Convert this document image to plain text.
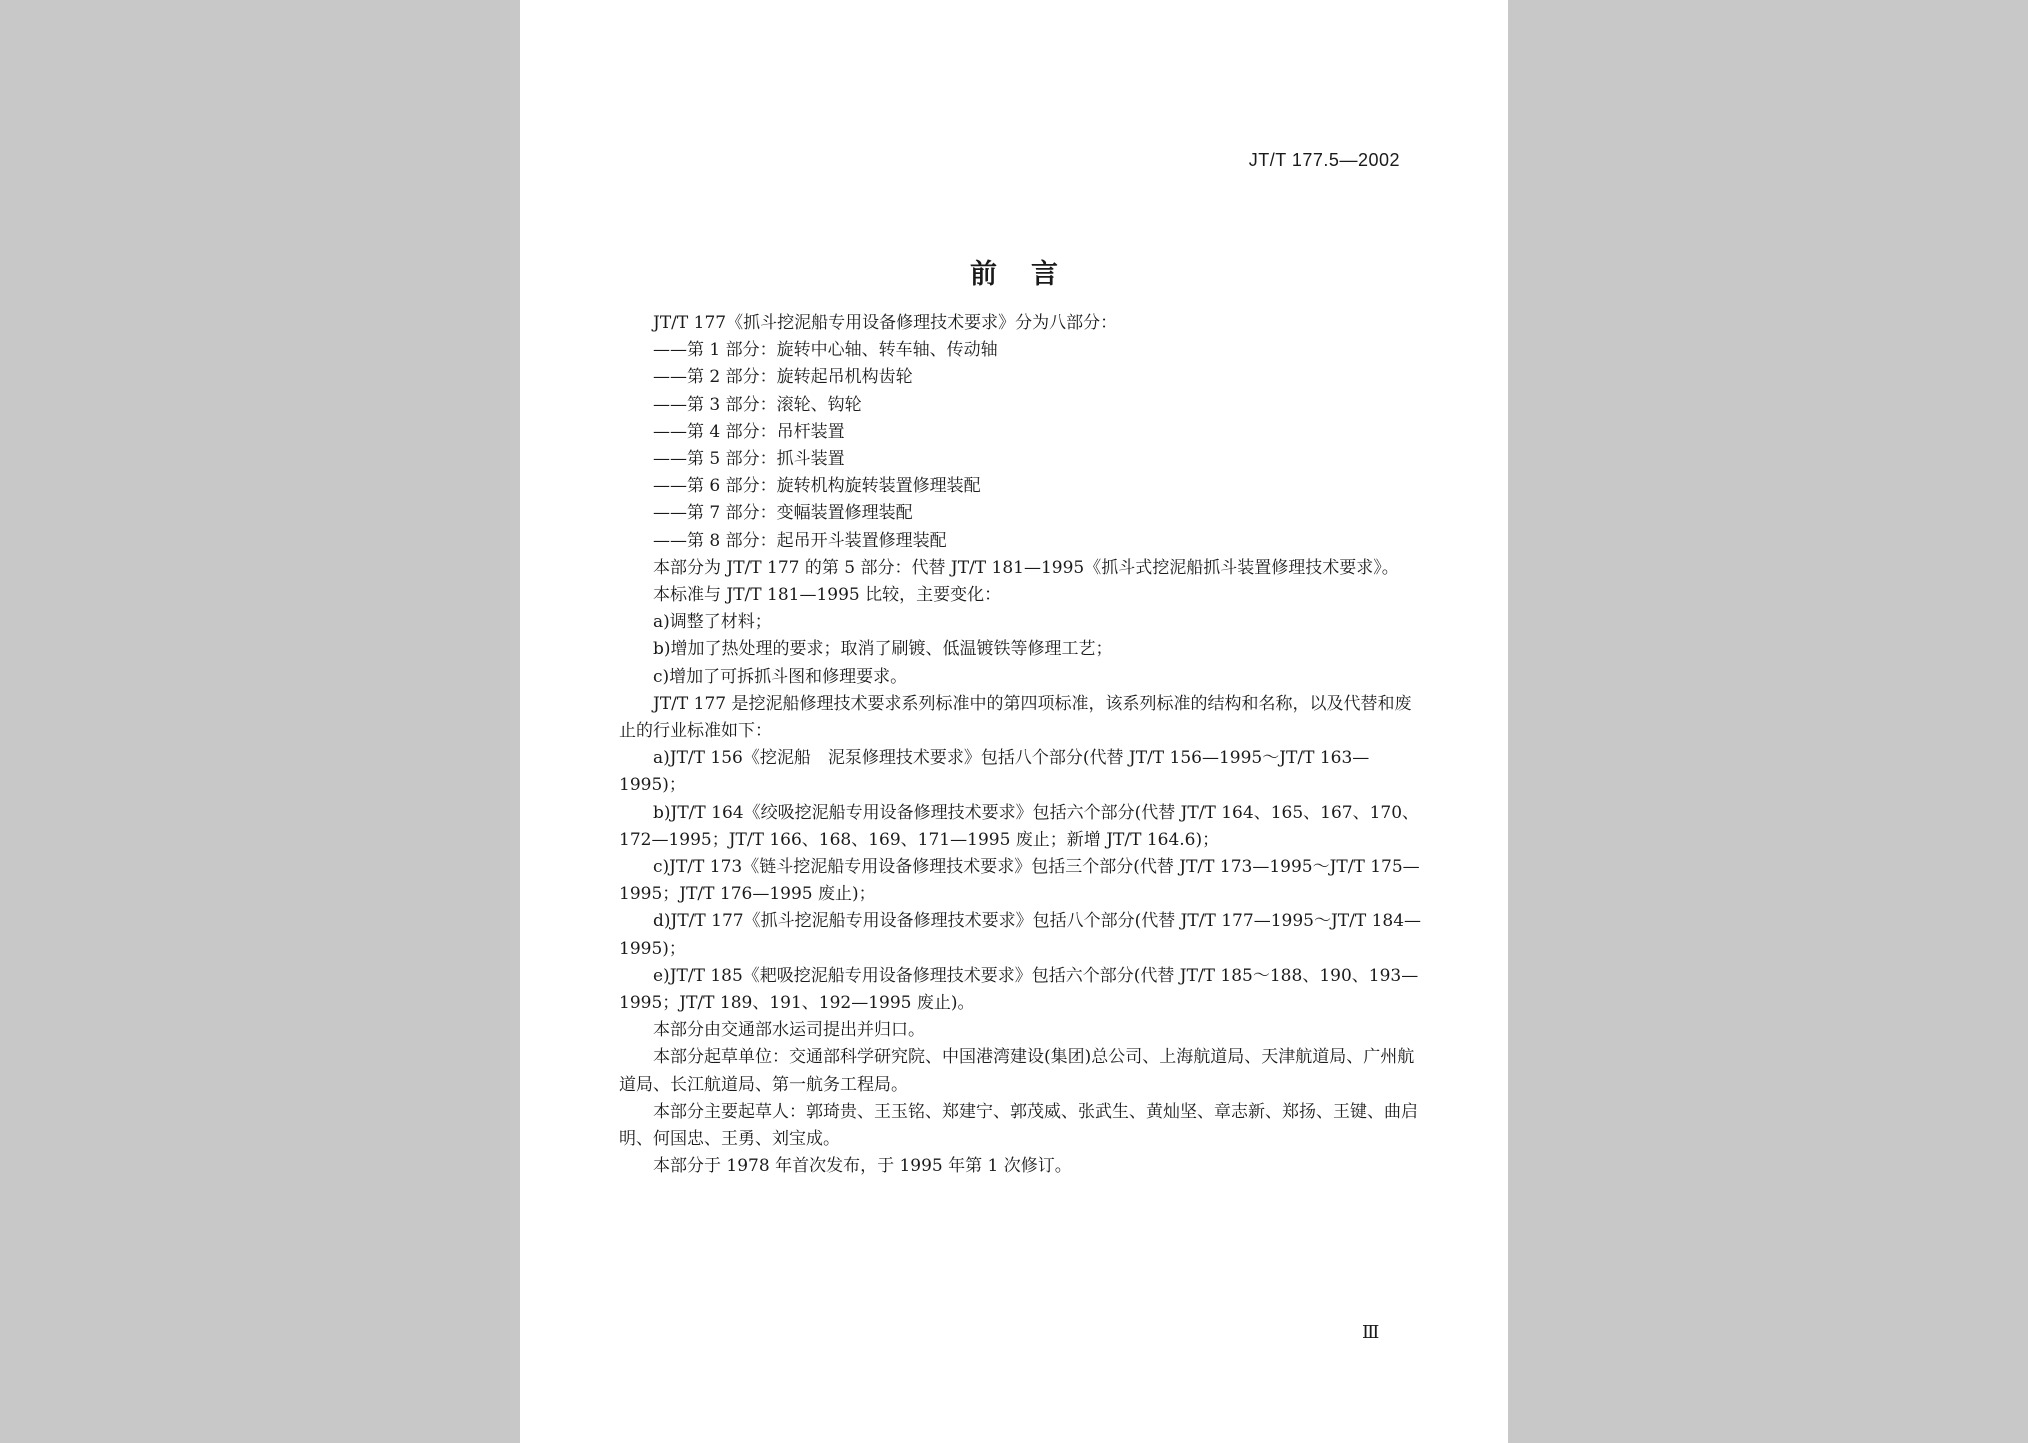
JT/T 177.5—2002
前言

JT/T 177《抓斗挖泥船专用设备修理技术要求》分为八部分：

——第 1 部分：旋转中心轴、转车轴、传动轴

——第 2 部分：旋转起吊机构齿轮

——第 3 部分：滚轮、钩轮

——第 4 部分：吊杆装置

——第 5 部分：抓斗装置

——第 6 部分：旋转机构旋转装置修理装配

——第 7 部分：变幅装置修理装配

——第 8 部分：起吊开斗装置修理装配

本部分为 JT/T 177 的第 5 部分：代替 JT/T 181—1995《抓斗式挖泥船抓斗装置修理技术要求》。

本标准与 JT/T 181—1995 比较，主要变化：

a)调整了材料；

b)增加了热处理的要求；取消了刷镀、低温镀铁等修理工艺；

c)增加了可拆抓斗图和修理要求。

JT/T 177 是挖泥船修理技术要求系列标准中的第四项标准，该系列标准的结构和名称，以及代替和废止的行业标准如下：

a)JT/T 156《挖泥船　泥泵修理技术要求》包括八个部分(代替 JT/T 156—1995～JT/T 163—1995)；

b)JT/T 164《绞吸挖泥船专用设备修理技术要求》包括六个部分(代替 JT/T 164、165、167、170、172—1995；JT/T 166、168、169、171—1995 废止；新增 JT/T 164.6)；

c)JT/T 173《链斗挖泥船专用设备修理技术要求》包括三个部分(代替 JT/T 173—1995～JT/T 175—1995；JT/T 176—1995 废止)；

d)JT/T 177《抓斗挖泥船专用设备修理技术要求》包括八个部分(代替 JT/T 177—1995～JT/T 184—1995)；

e)JT/T 185《耙吸挖泥船专用设备修理技术要求》包括六个部分(代替 JT/T 185～188、190、193—1995；JT/T 189、191、192—1995 废止)。

本部分由交通部水运司提出并归口。

本部分起草单位：交通部科学研究院、中国港湾建设(集团)总公司、上海航道局、天津航道局、广州航道局、长江航道局、第一航务工程局。

本部分主要起草人：郭琦贵、王玉铭、郑建宁、郭茂威、张武生、黄灿坚、章志新、郑扬、王键、曲启明、何国忠、王勇、刘宝成。

本部分于 1978 年首次发布，于 1995 年第 1 次修订。

Ⅲ
